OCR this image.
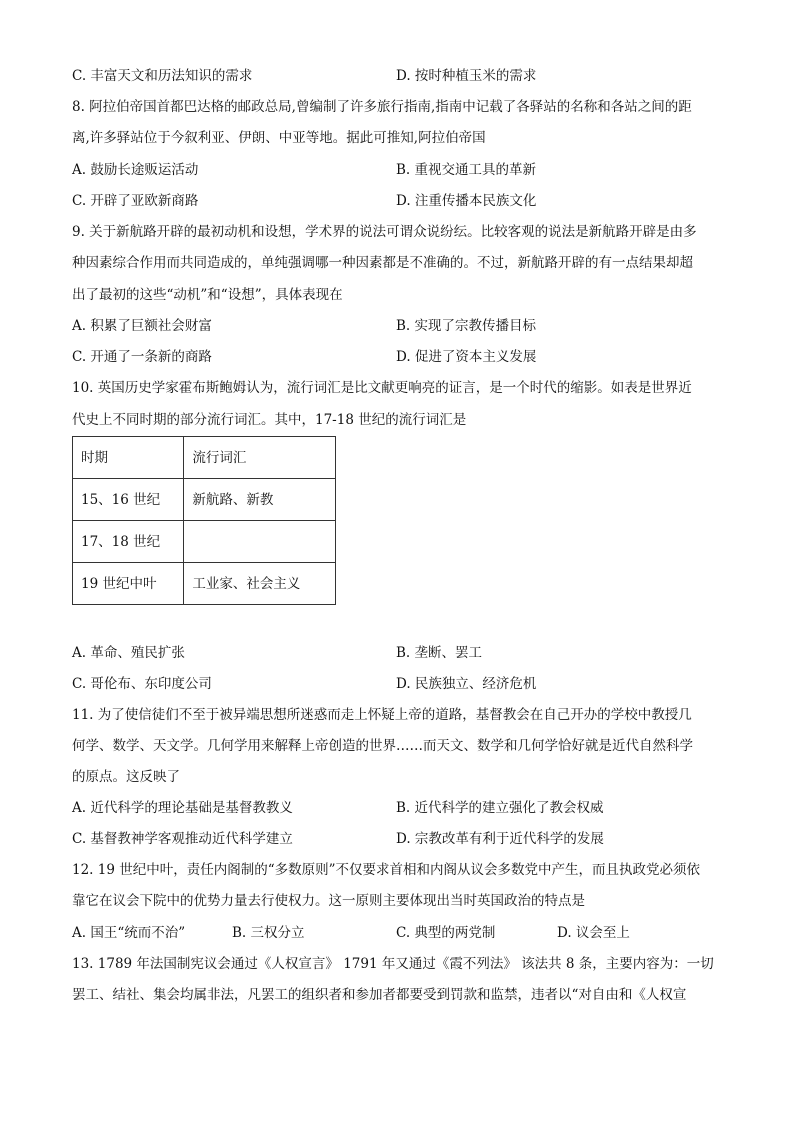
C. 丰富天文和历法知识的需求	D. 按时种植玉米的需求
8. 阿拉伯帝国首都巴达格的邮政总局,曾编制了许多旅行指南,指南中记载了各驿站的名称和各站之间的距
离,许多驿站位于今叙利亚、伊朗、中亚等地。据此可推知,阿拉伯帝国
A. 鼓励长途贩运活动	B. 重视交通工具的革新
C. 开辟了亚欧新商路	D. 注重传播本民族文化
9. 关于新航路开辟的最初动机和设想，学术界的说法可谓众说纷纭。比较客观的说法是新航路开辟是由多
种因素综合作用而共同造成的，单纯强调哪一种因素都是不准确的。不过，新航路开辟的有一点结果却超
出了最初的这些“动机”和“设想”，具体表现在
A. 积累了巨额社会财富	B. 实现了宗教传播目标
C. 开通了一条新的商路	D. 促进了资本主义发展
10. 英国历史学家霍布斯鲍姆认为，流行词汇是比文献更响亮的证言，是一个时代的缩影。如表是世界近
代史上不同时期的部分流行词汇。其中，17-18 世纪的流行词汇是
时期	流行词汇
15、16 世纪	新航路、新教
17、18 世纪	
19 世纪中叶	工业家、社会主义
A. 革命、殖民扩张	B. 垄断、罢工
C. 哥伦布、东印度公司	D. 民族独立、经济危机
11. 为了使信徒们不至于被异端思想所迷惑而走上怀疑上帝的道路，基督教会在自己开办的学校中教授几
何学、数学、天文学。几何学用来解释上帝创造的世界……而天文、数学和几何学恰好就是近代自然科学
的原点。这反映了
A. 近代科学的理论基础是基督教教义	B. 近代科学的建立强化了教会权威
C. 基督教神学客观推动近代科学建立	D. 宗教改革有利于近代科学的发展
12. 19 世纪中叶，责任内阁制的“多数原则”不仅要求首相和内阁从议会多数党中产生，而且执政党必须依
靠它在议会下院中的优势力量去行使权力。这一原则主要体现出当时英国政治的特点是
A. 国王“统而不治”	B. 三权分立	C. 典型的两党制	D. 议会至上
13. 1789 年法国制宪议会通过《人权宣言》 1791 年又通过《霞不列法》 该法共 8 条，主要内容为：一切
罢工、结社、集会均属非法，凡罢工的组织者和参加者都要受到罚款和监禁，违者以“对自由和《人权宣
